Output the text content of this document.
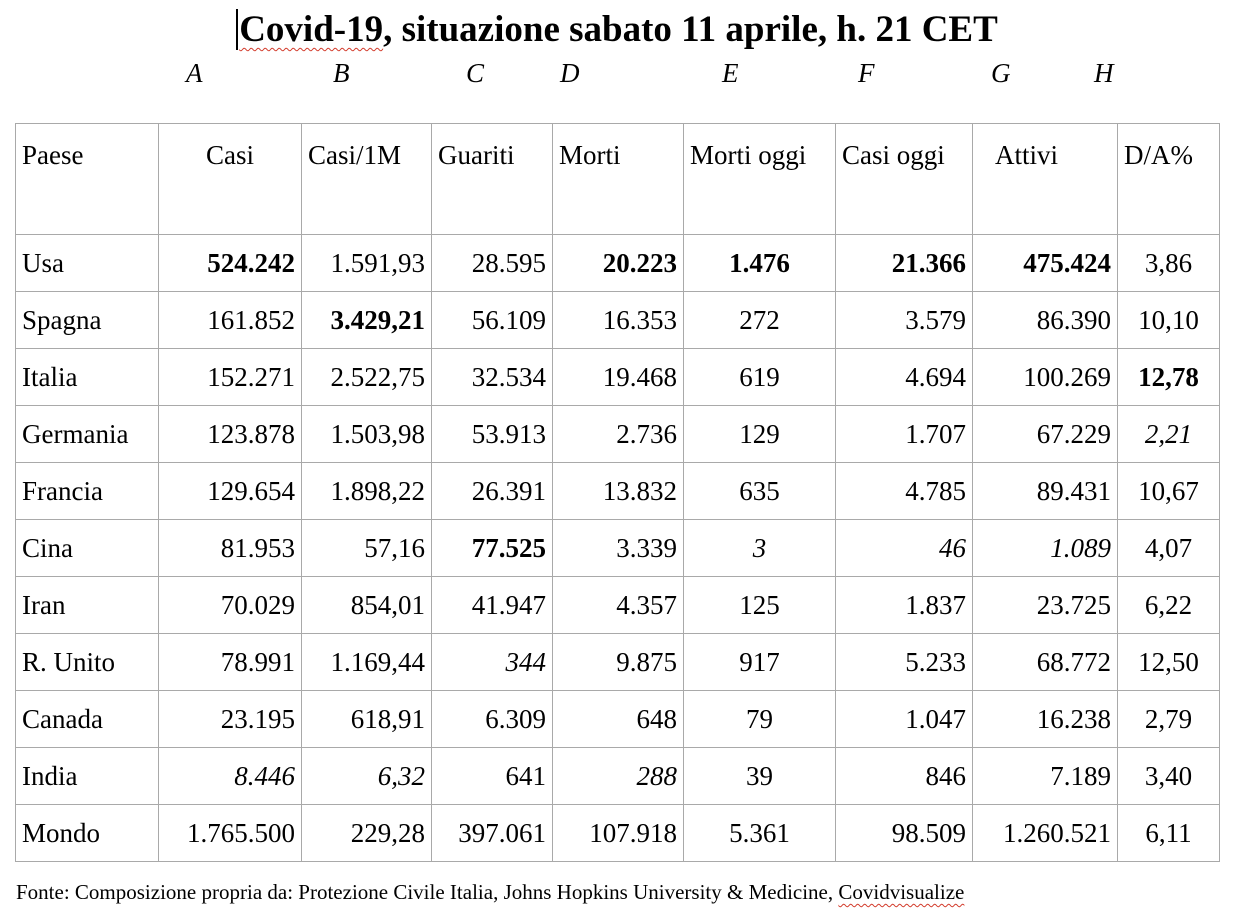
Covid-19, situazione sabato 11 aprile, h. 21 CET
A	B	C	D	E	F	G	H
Paese	Casi	Casi/1M	Guariti	Morti	Morti oggi	Casi oggi	Attivi	D/A%
Usa	524.242	1.591,93	28.595	20.223	1.476	21.366	475.424	3,86
Spagna	161.852	3.429,21	56.109	16.353	272	3.579	86.390	10,10
Italia	152.271	2.522,75	32.534	19.468	619	4.694	100.269	12,78
Germania	123.878	1.503,98	53.913	2.736	129	1.707	67.229	2,21
Francia	129.654	1.898,22	26.391	13.832	635	4.785	89.431	10,67
Cina	81.953	57,16	77.525	3.339	3	46	1.089	4,07
Iran	70.029	854,01	41.947	4.357	125	1.837	23.725	6,22
R. Unito	78.991	1.169,44	344	9.875	917	5.233	68.772	12,50
Canada	23.195	618,91	6.309	648	79	1.047	16.238	2,79
India	8.446	6,32	641	288	39	846	7.189	3,40
Mondo	1.765.500	229,28	397.061	107.918	5.361	98.509	1.260.521	6,11
Fonte: Composizione propria da: Protezione Civile Italia, Johns Hopkins University & Medicine, Covidvisualize
